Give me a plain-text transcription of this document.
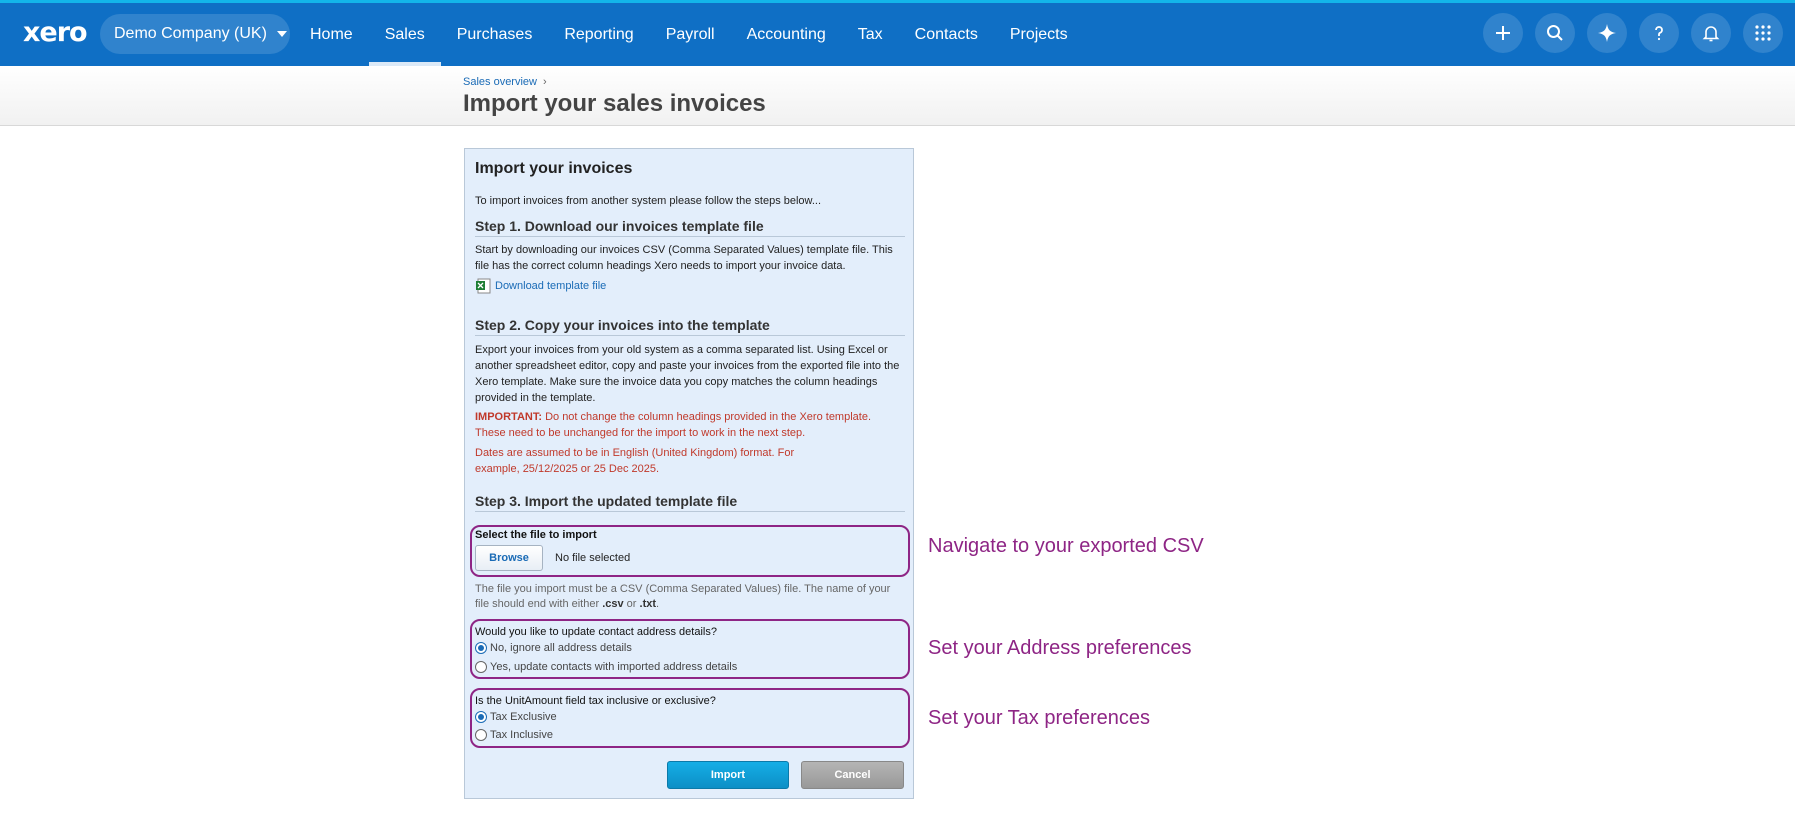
xero Demo Company (UK)	Home	Sales	Purchases	Reporting	Payroll	Accounting	Tax	Contacts	Projects
Sales overview ›
Import your sales invoices
Import your invoices
To import invoices from another system please follow the steps below...
Step 1. Download our invoices template file
Start by downloading our invoices CSV (Comma Separated Values) template file. This file has the correct column headings Xero needs to import your invoice data.
Download template file
Step 2. Copy your invoices into the template
Export your invoices from your old system as a comma separated list. Using Excel or another spreadsheet editor, copy and paste your invoices from the exported file into the Xero template. Make sure the invoice data you copy matches the column headings provided in the template.
IMPORTANT: Do not change the column headings provided in the Xero template. These need to be unchanged for the import to work in the next step.
Dates are assumed to be in English (United Kingdom) format. For example, 25/12/2025 or 25 Dec 2025.
Step 3. Import the updated template file
Select the file to import
Browse	No file selected
The file you import must be a CSV (Comma Separated Values) file. The name of your file should end with either .csv or .txt.
Would you like to update contact address details?
No, ignore all address details
Yes, update contacts with imported address details
Is the UnitAmount field tax inclusive or exclusive?
Tax Exclusive
Tax Inclusive
Import	Cancel
Navigate to your exported CSV
Set your Address preferences
Set your Tax preferences
